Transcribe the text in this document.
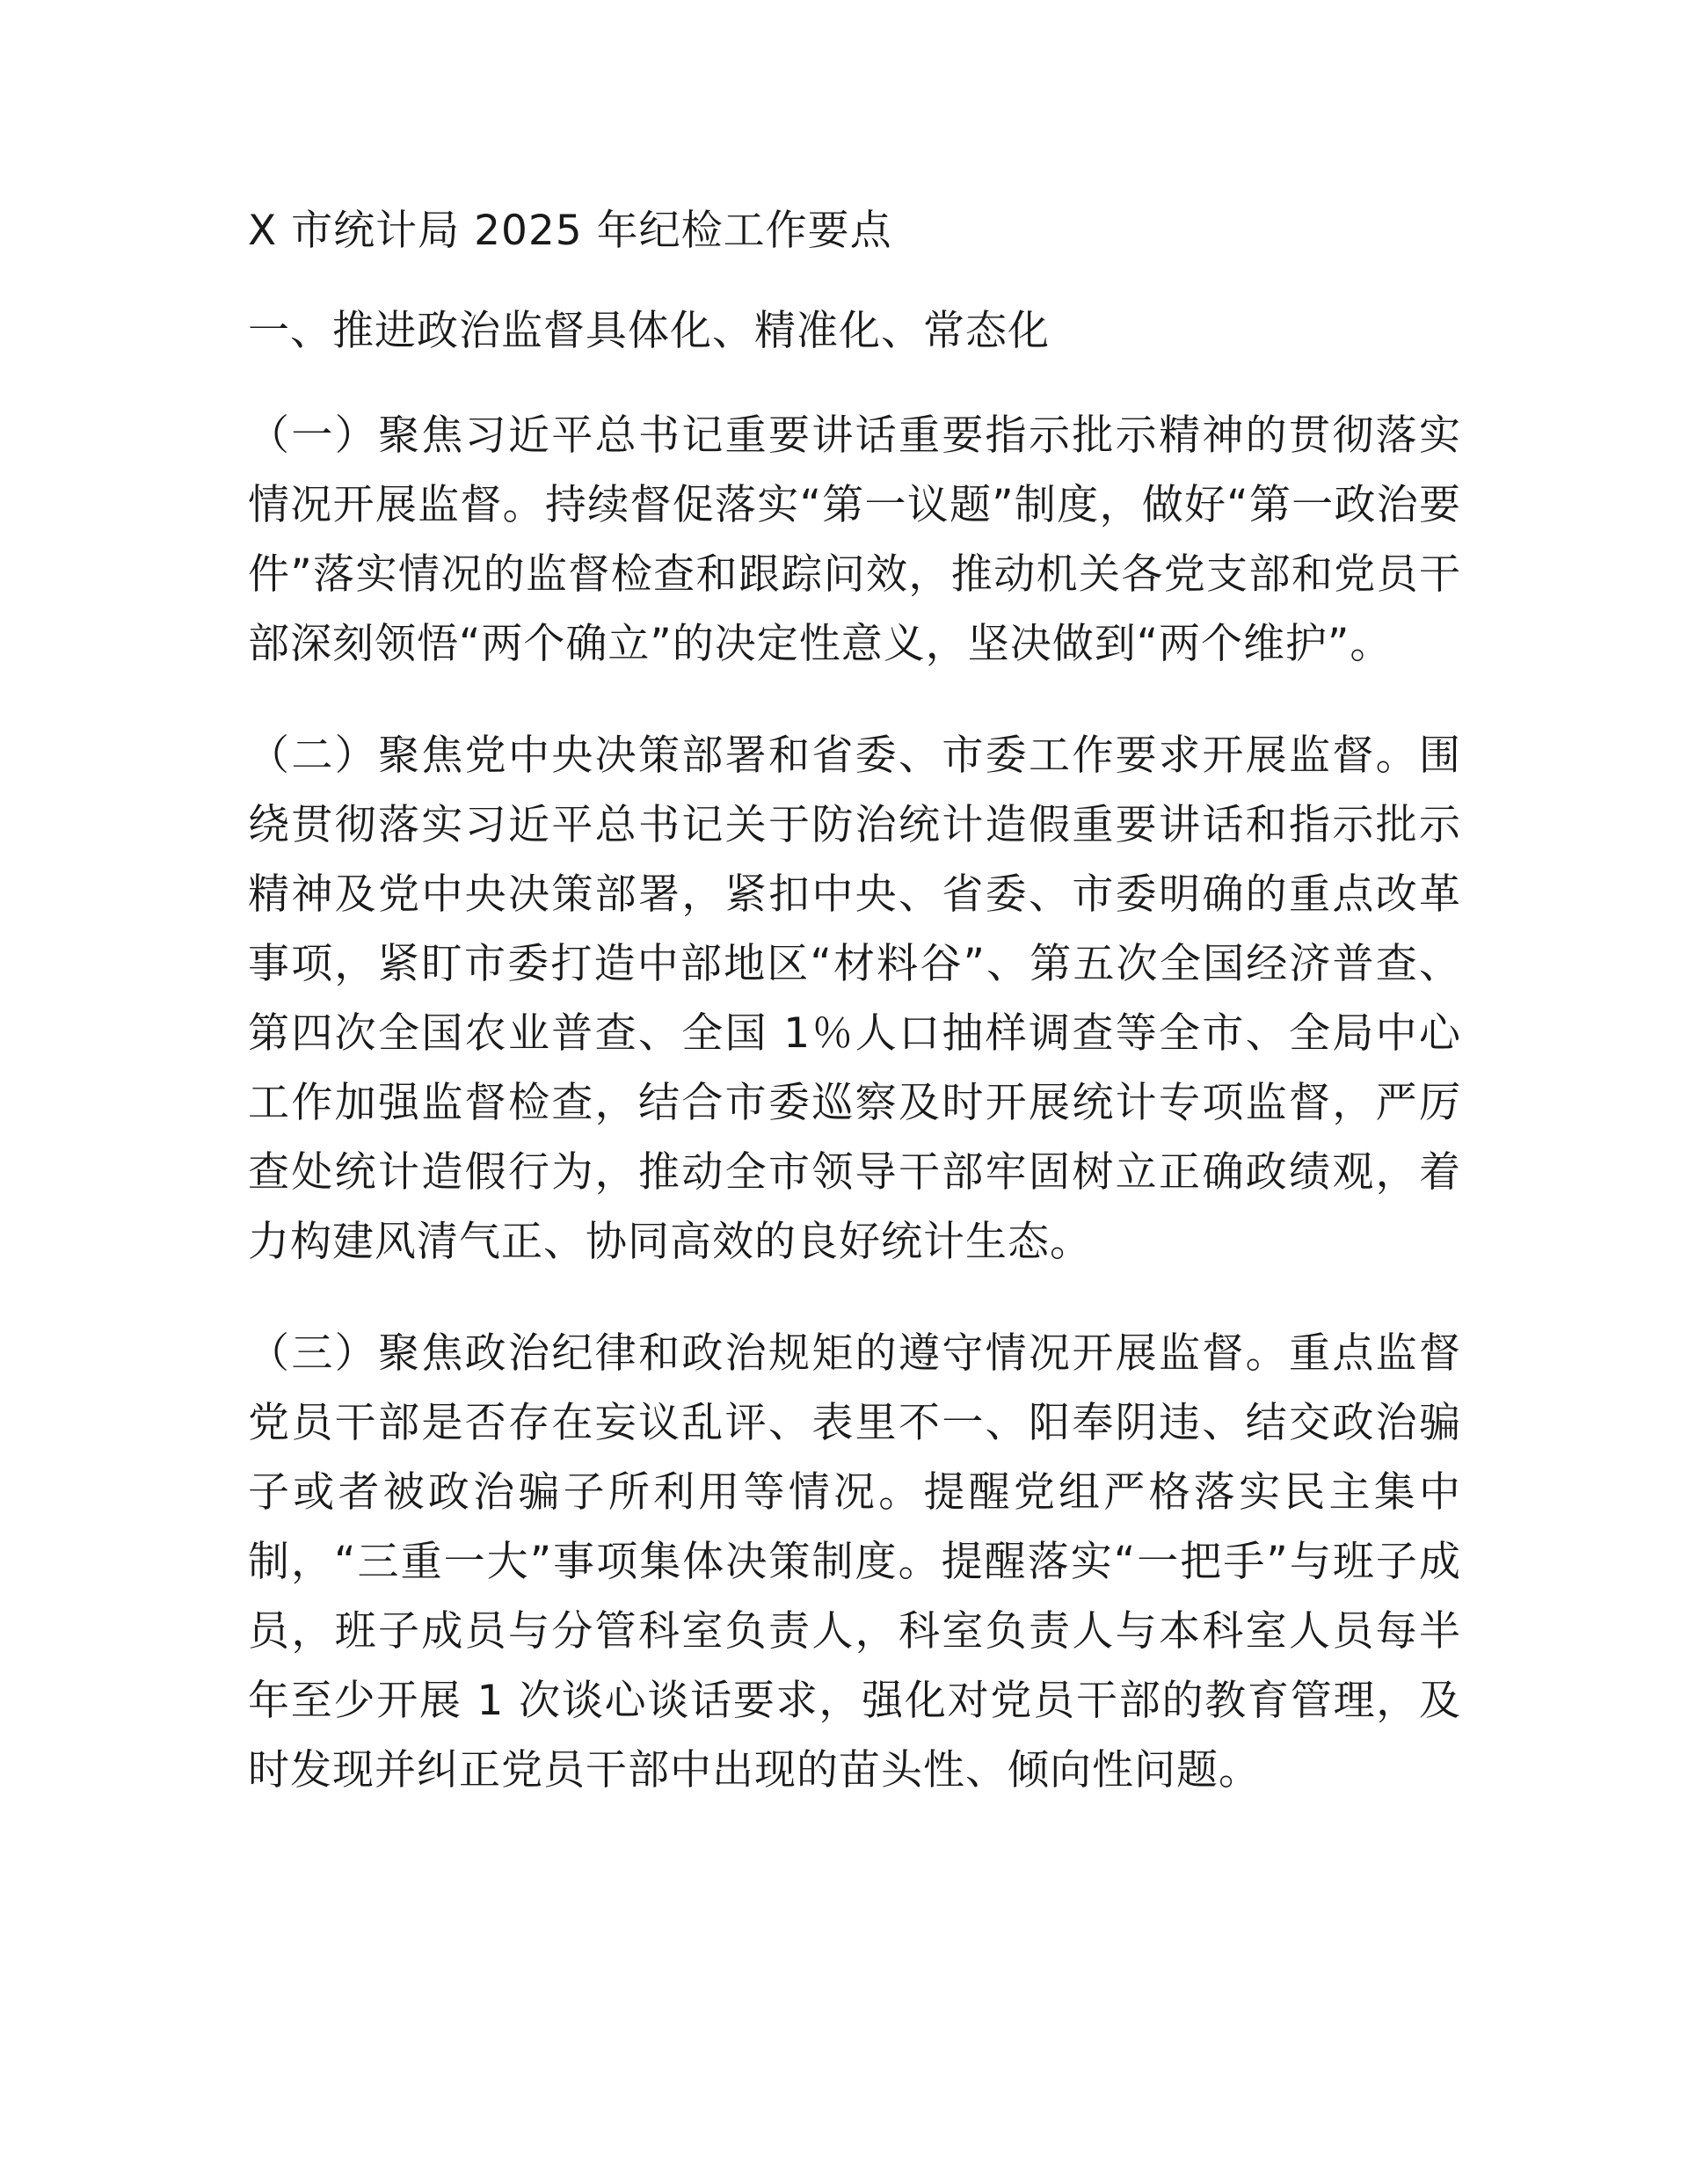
X 市统计局 2025 年纪检工作要点
一、推进政治监督具体化、精准化、常态化

（一）聚焦习近平总书记重要讲话重要指示批示精神的贯彻落实情况开展监督。持续督促落实“第一议题”制度，做好“第一政治要件”落实情况的监督检查和跟踪问效，推动机关各党支部和党员干部深刻领悟“两个确立”的决定性意义，坚决做到“两个维护”。

（二）聚焦党中央决策部署和省委、市委工作要求开展监督。围绕贯彻落实习近平总书记关于防治统计造假重要讲话和指示批示精神及党中央决策部署，紧扣中央、省委、市委明确的重点改革事项，紧盯市委打造中部地区“材料谷”、第五次全国经济普查、第四次全国农业普查、全国 1％人口抽样调查等全市、全局中心工作加强监督检查，结合市委巡察及时开展统计专项监督，严厉查处统计造假行为，推动全市领导干部牢固树立正确政绩观，着力构建风清气正、协同高效的良好统计生态。

（三）聚焦政治纪律和政治规矩的遵守情况开展监督。重点监督党员干部是否存在妄议乱评、表里不一、阳奉阴违、结交政治骗子或者被政治骗子所利用等情况。提醒党组严格落实民主集中制，“三重一大”事项集体决策制度。提醒落实“一把手”与班子成员，班子成员与分管科室负责人，科室负责人与本科室人员每半年至少开展 1 次谈心谈话要求，强化对党员干部的教育管理，及时发现并纠正党员干部中出现的苗头性、倾向性问题。
